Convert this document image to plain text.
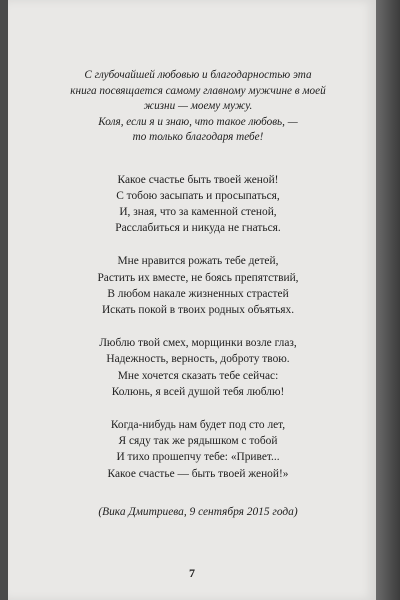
С глубочайшей любовью и благодарностью эта

книга посвящается самому главному мужчине в моей

жизни — моему мужу.

Коля, если я и знаю, что такое любовь, —

то только благодаря тебе!

Какое счастье быть твоей женой!
С тобою засыпать и просыпаться,
И, зная, что за каменной стеной,
Расслабиться и никуда не гнаться.
Мне нравится рожать тебе детей,
Растить их вместе, не боясь препятствий,
В любом накале жизненных страстей
Искать покой в твоих родных объятьях.
Люблю твой смех, морщинки возле глаз,
Надежность, верность, доброту твою.
Мне хочется сказать тебе сейчас:
Колюнь, я всей душой тебя люблю!
Когда-нибудь нам будет под сто лет,
Я сяду так же рядышком с тобой
И тихо прошепчу тебе: «Привет...
Какое счастье — быть твоей женой!»
(Вика Дмитриева, 9 сентября 2015 года)
7
